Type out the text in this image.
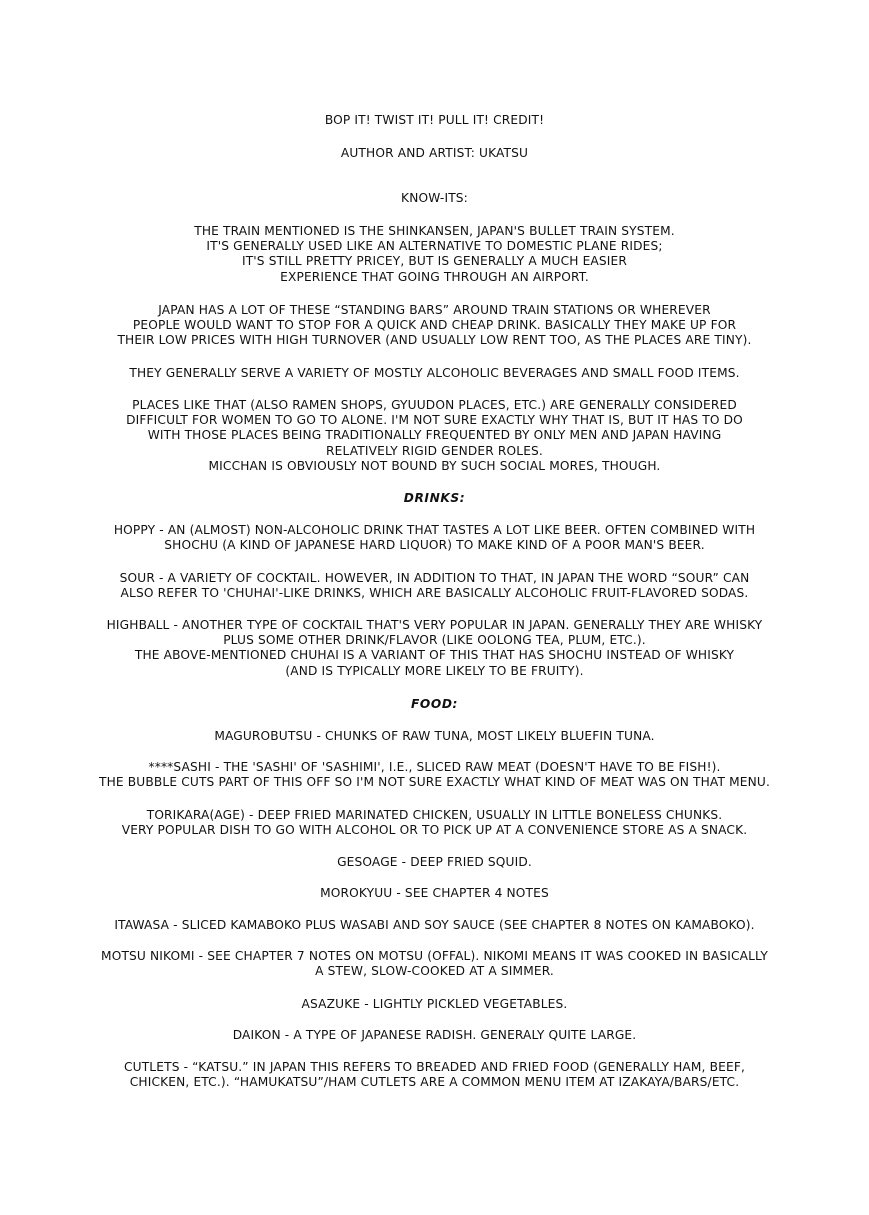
BOP IT! TWIST IT! PULL IT! CREDIT!
AUTHOR AND ARTIST: UKATSU
KNOW-ITS:
THE TRAIN MENTIONED IS THE SHINKANSEN, JAPAN'S BULLET TRAIN SYSTEM.
IT'S GENERALLY USED LIKE AN ALTERNATIVE TO DOMESTIC PLANE RIDES;
IT'S STILL PRETTY PRICEY, BUT IS GENERALLY A MUCH EASIER
EXPERIENCE THAT GOING THROUGH AN AIRPORT.
JAPAN HAS A LOT OF THESE “STANDING BARS” AROUND TRAIN STATIONS OR WHEREVER
PEOPLE WOULD WANT TO STOP FOR A QUICK AND CHEAP DRINK. BASICALLY THEY MAKE UP FOR
THEIR LOW PRICES WITH HIGH TURNOVER (AND USUALLY LOW RENT TOO, AS THE PLACES ARE TINY).
THEY GENERALLY SERVE A VARIETY OF MOSTLY ALCOHOLIC BEVERAGES AND SMALL FOOD ITEMS.
PLACES LIKE THAT (ALSO RAMEN SHOPS, GYUUDON PLACES, ETC.) ARE GENERALLY CONSIDERED
DIFFICULT FOR WOMEN TO GO TO ALONE. I'M NOT SURE EXACTLY WHY THAT IS, BUT IT HAS TO DO
WITH THOSE PLACES BEING TRADITIONALLY FREQUENTED BY ONLY MEN AND JAPAN HAVING
RELATIVELY RIGID GENDER ROLES.
MICCHAN IS OBVIOUSLY NOT BOUND BY SUCH SOCIAL MORES, THOUGH.
DRINKS:
HOPPY - AN (ALMOST) NON-ALCOHOLIC DRINK THAT TASTES A LOT LIKE BEER. OFTEN COMBINED WITH
SHOCHU (A KIND OF JAPANESE HARD LIQUOR) TO MAKE KIND OF A POOR MAN'S BEER.
SOUR - A VARIETY OF COCKTAIL. HOWEVER, IN ADDITION TO THAT, IN JAPAN THE WORD “SOUR” CAN
ALSO REFER TO 'CHUHAI'-LIKE DRINKS, WHICH ARE BASICALLY ALCOHOLIC FRUIT-FLAVORED SODAS.
HIGHBALL - ANOTHER TYPE OF COCKTAIL THAT'S VERY POPULAR IN JAPAN. GENERALLY THEY ARE WHISKY
PLUS SOME OTHER DRINK/FLAVOR (LIKE OOLONG TEA, PLUM, ETC.).
THE ABOVE-MENTIONED CHUHAI IS A VARIANT OF THIS THAT HAS SHOCHU INSTEAD OF WHISKY
(AND IS TYPICALLY MORE LIKELY TO BE FRUITY).
FOOD:
MAGUROBUTSU - CHUNKS OF RAW TUNA, MOST LIKELY BLUEFIN TUNA.
****SASHI - THE 'SASHI' OF 'SASHIMI', I.E., SLICED RAW MEAT (DOESN'T HAVE TO BE FISH!).
THE BUBBLE CUTS PART OF THIS OFF SO I'M NOT SURE EXACTLY WHAT KIND OF MEAT WAS ON THAT MENU.
TORIKARA(AGE) - DEEP FRIED MARINATED CHICKEN, USUALLY IN LITTLE BONELESS CHUNKS.
VERY POPULAR DISH TO GO WITH ALCOHOL OR TO PICK UP AT A CONVENIENCE STORE AS A SNACK.
GESOAGE - DEEP FRIED SQUID.
MOROKYUU - SEE CHAPTER 4 NOTES
ITAWASA - SLICED KAMABOKO PLUS WASABI AND SOY SAUCE (SEE CHAPTER 8 NOTES ON KAMABOKO).
MOTSU NIKOMI - SEE CHAPTER 7 NOTES ON MOTSU (OFFAL). NIKOMI MEANS IT WAS COOKED IN BASICALLY
A STEW, SLOW-COOKED AT A SIMMER.
ASAZUKE - LIGHTLY PICKLED VEGETABLES.
DAIKON - A TYPE OF JAPANESE RADISH. GENERALY QUITE LARGE.
CUTLETS - “KATSU.” IN JAPAN THIS REFERS TO BREADED AND FRIED FOOD (GENERALLY HAM, BEEF,
CHICKEN, ETC.). “HAMUKATSU”/HAM CUTLETS ARE A COMMON MENU ITEM AT IZAKAYA/BARS/ETC.
